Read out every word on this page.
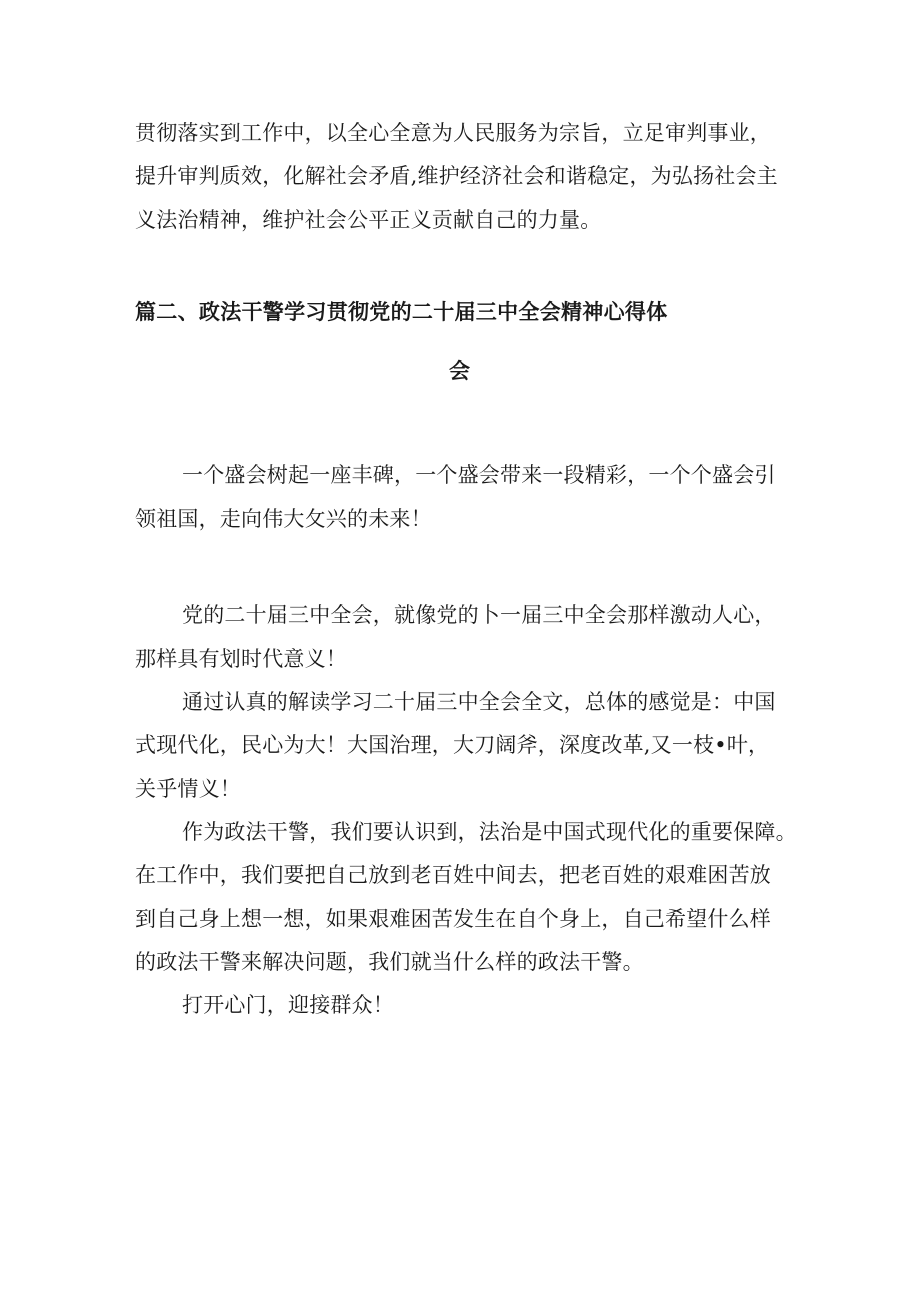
贯彻落实到工作中，以全心全意为人民服务为宗旨，立足审判事业，
提升审判质效，化解社会矛盾,维护经济社会和谐稳定，为弘扬社会主
义法治精神，维护社会公平正义贡献自己的力量。
篇二、政法干警学习贯彻党的二十届三中全会精神心得体
会
一个盛会树起一座丰碑，一个盛会带来一段精彩，一个个盛会引
领祖国，走向伟大攵兴的未来！
党的二十届三中全会，就像党的卜一届三中全会那样激动人心，
那样具有划时代意义！
通过认真的解读学习二十届三中全会全文，总体的感觉是：中国
式现代化，民心为大！大国治理，大刀阔斧，深度改革,又一枝•叶，
关乎情义！
作为政法干警，我们要认识到，法治是中国式现代化的重要保障。
在工作中，我们要把自己放到老百姓中间去，把老百姓的艰难困苦放
到自己身上想一想，如果艰难困苦发生在自个身上，自己希望什么样
的政法干警来解决问题，我们就当什么样的政法干警。
打开心门，迎接群众！
